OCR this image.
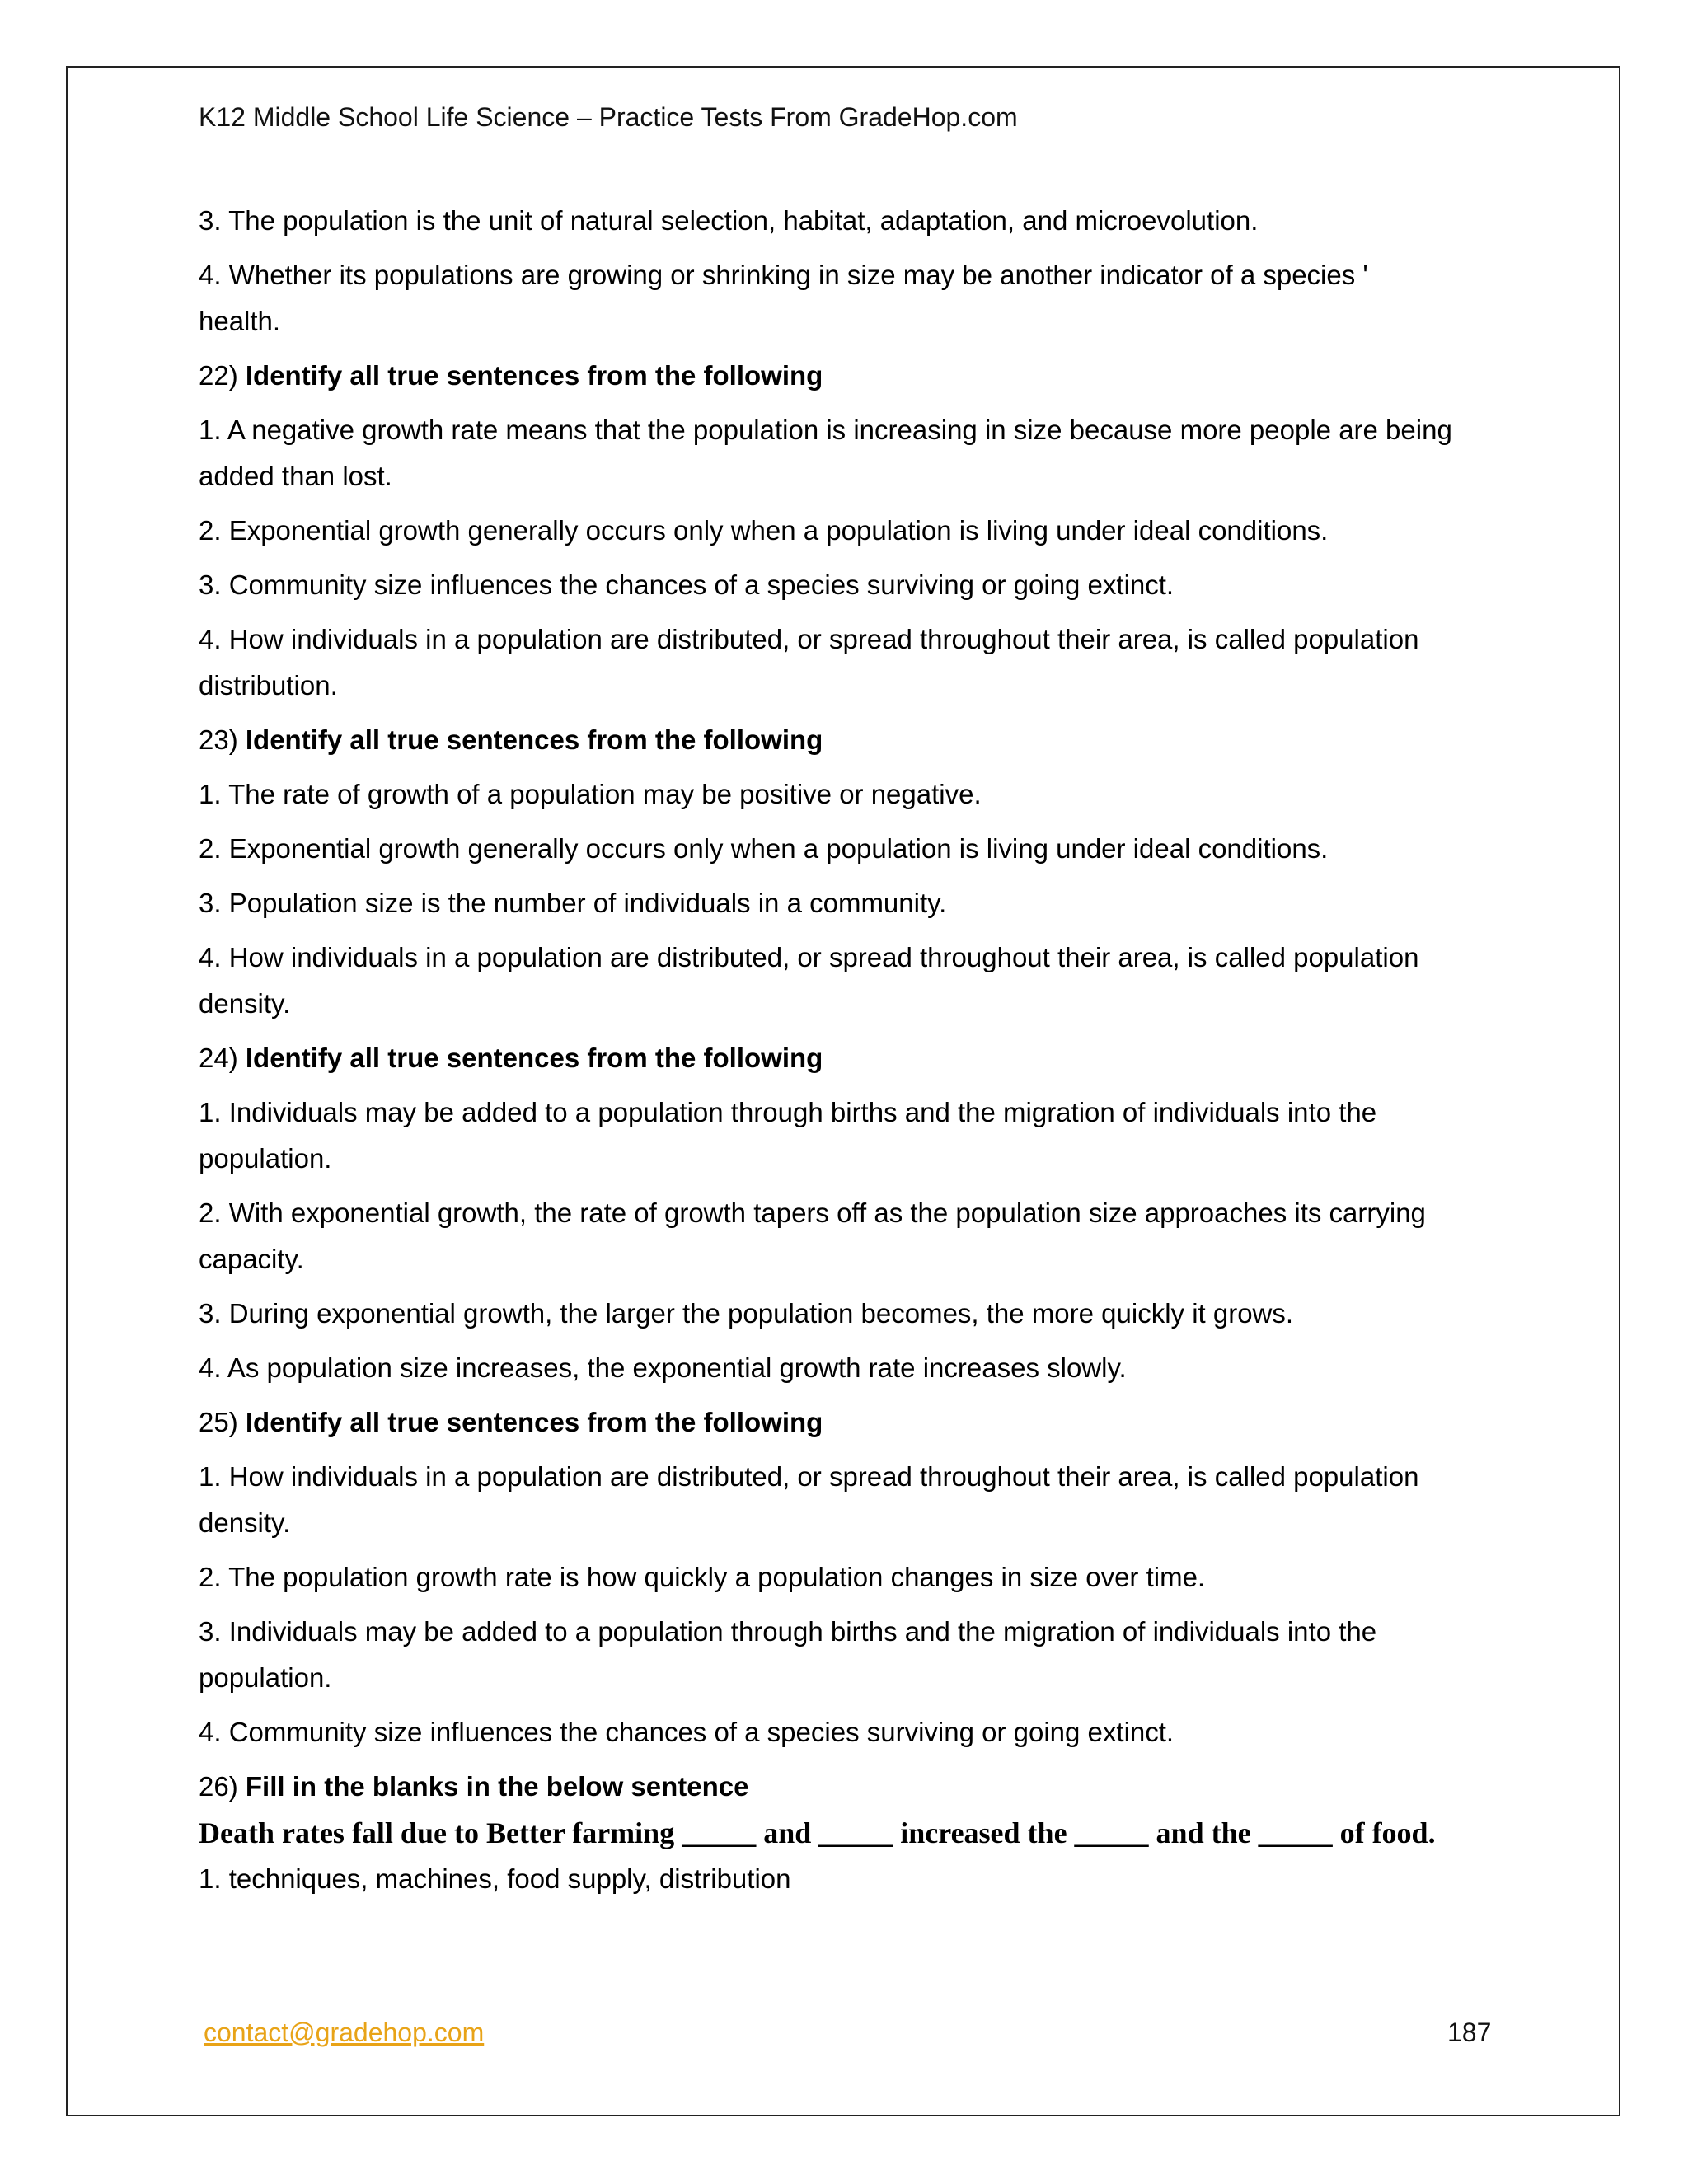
K12 Middle School Life Science – Practice Tests From GradeHop.com
3. The population is the unit of natural selection, habitat, adaptation, and microevolution.
4. Whether its populations are growing or shrinking in size may be another indicator of a species '
health.
22) Identify all true sentences from the following
1. A negative growth rate means that the population is increasing in size because more people are being
added than lost.
2. Exponential growth generally occurs only when a population is living under ideal conditions.
3. Community size influences the chances of a species surviving or going extinct.
4. How individuals in a population are distributed, or spread throughout their area, is called population
distribution.
23) Identify all true sentences from the following
1. The rate of growth of a population may be positive or negative.
2. Exponential growth generally occurs only when a population is living under ideal conditions.
3. Population size is the number of individuals in a community.
4. How individuals in a population are distributed, or spread throughout their area, is called population
density.
24) Identify all true sentences from the following
1. Individuals may be added to a population through births and the migration of individuals into the
population.
2. With exponential growth, the rate of growth tapers off as the population size approaches its carrying
capacity.
3. During exponential growth, the larger the population becomes, the more quickly it grows.
4. As population size increases, the exponential growth rate increases slowly.
25) Identify all true sentences from the following
1. How individuals in a population are distributed, or spread throughout their area, is called population
density.
2. The population growth rate is how quickly a population changes in size over time.
3. Individuals may be added to a population through births and the migration of individuals into the
population.
4. Community size influences the chances of a species surviving or going extinct.
26) Fill in the blanks in the below sentence
Death rates fall due to Better farming _____ and _____ increased the _____ and the _____ of food.
1. techniques, machines, food supply, distribution
contact@gradehop.com	187
